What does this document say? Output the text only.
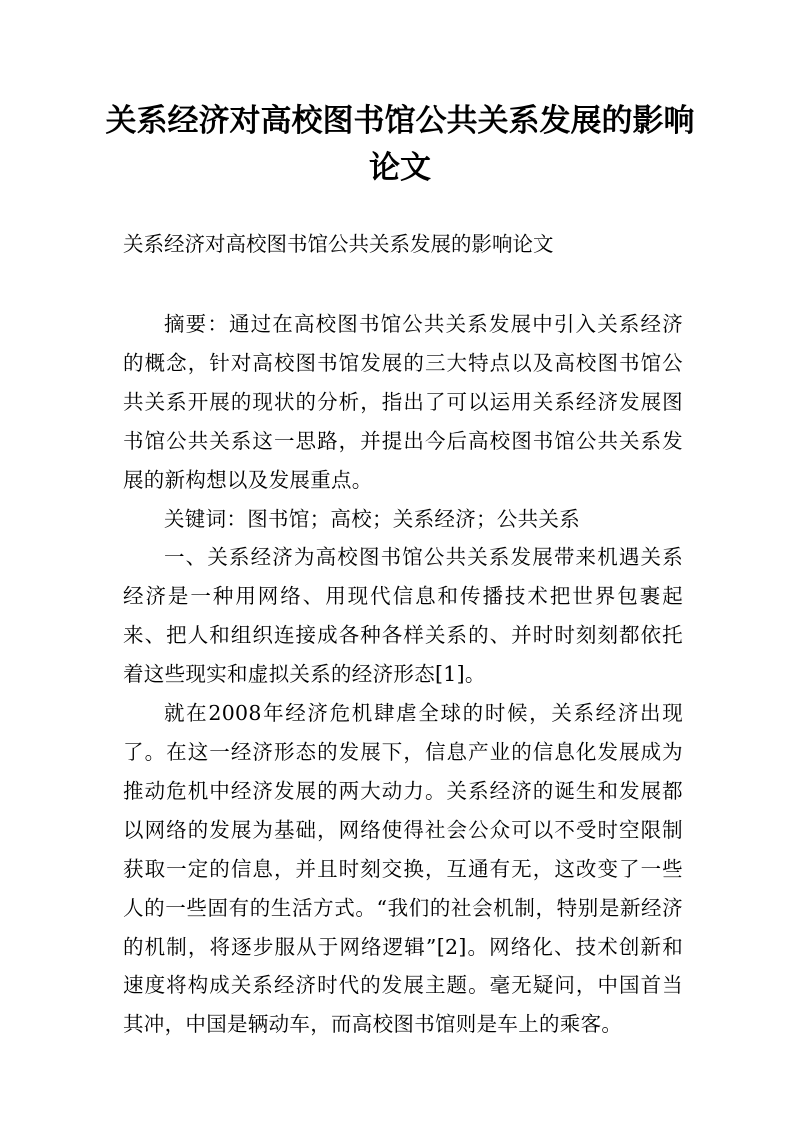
关系经济对高校图书馆公共关系发展的影响论文
关系经济对高校图书馆公共关系发展的影响论文

摘要：通过在高校图书馆公共关系发展中引入关系经济的概念，针对高校图书馆发展的三大特点以及高校图书馆公共关系开展的现状的分析，指出了可以运用关系经济发展图书馆公共关系这一思路，并提出今后高校图书馆公共关系发展的新构想以及发展重点。

关键词：图书馆；高校；关系经济；公共关系

一、关系经济为高校图书馆公共关系发展带来机遇关系经济是一种用网络、用现代信息和传播技术把世界包裹起来、把人和组织连接成各种各样关系的、并时时刻刻都依托着这些现实和虚拟关系的经济形态[1]。

就在2008年经济危机肆虐全球的时候，关系经济出现了。在这一经济形态的发展下，信息产业的信息化发展成为推动危机中经济发展的两大动力。关系经济的诞生和发展都以网络的发展为基础，网络使得社会公众可以不受时空限制获取一定的信息，并且时刻交换，互通有无，这改变了一些人的一些固有的生活方式。“我们的社会机制，特别是新经济的机制，将逐步服从于网络逻辑”[2]。网络化、技术创新和速度将构成关系经济时代的发展主题。毫无疑问，中国首当其冲，中国是辆动车，而高校图书馆则是车上的乘客。
